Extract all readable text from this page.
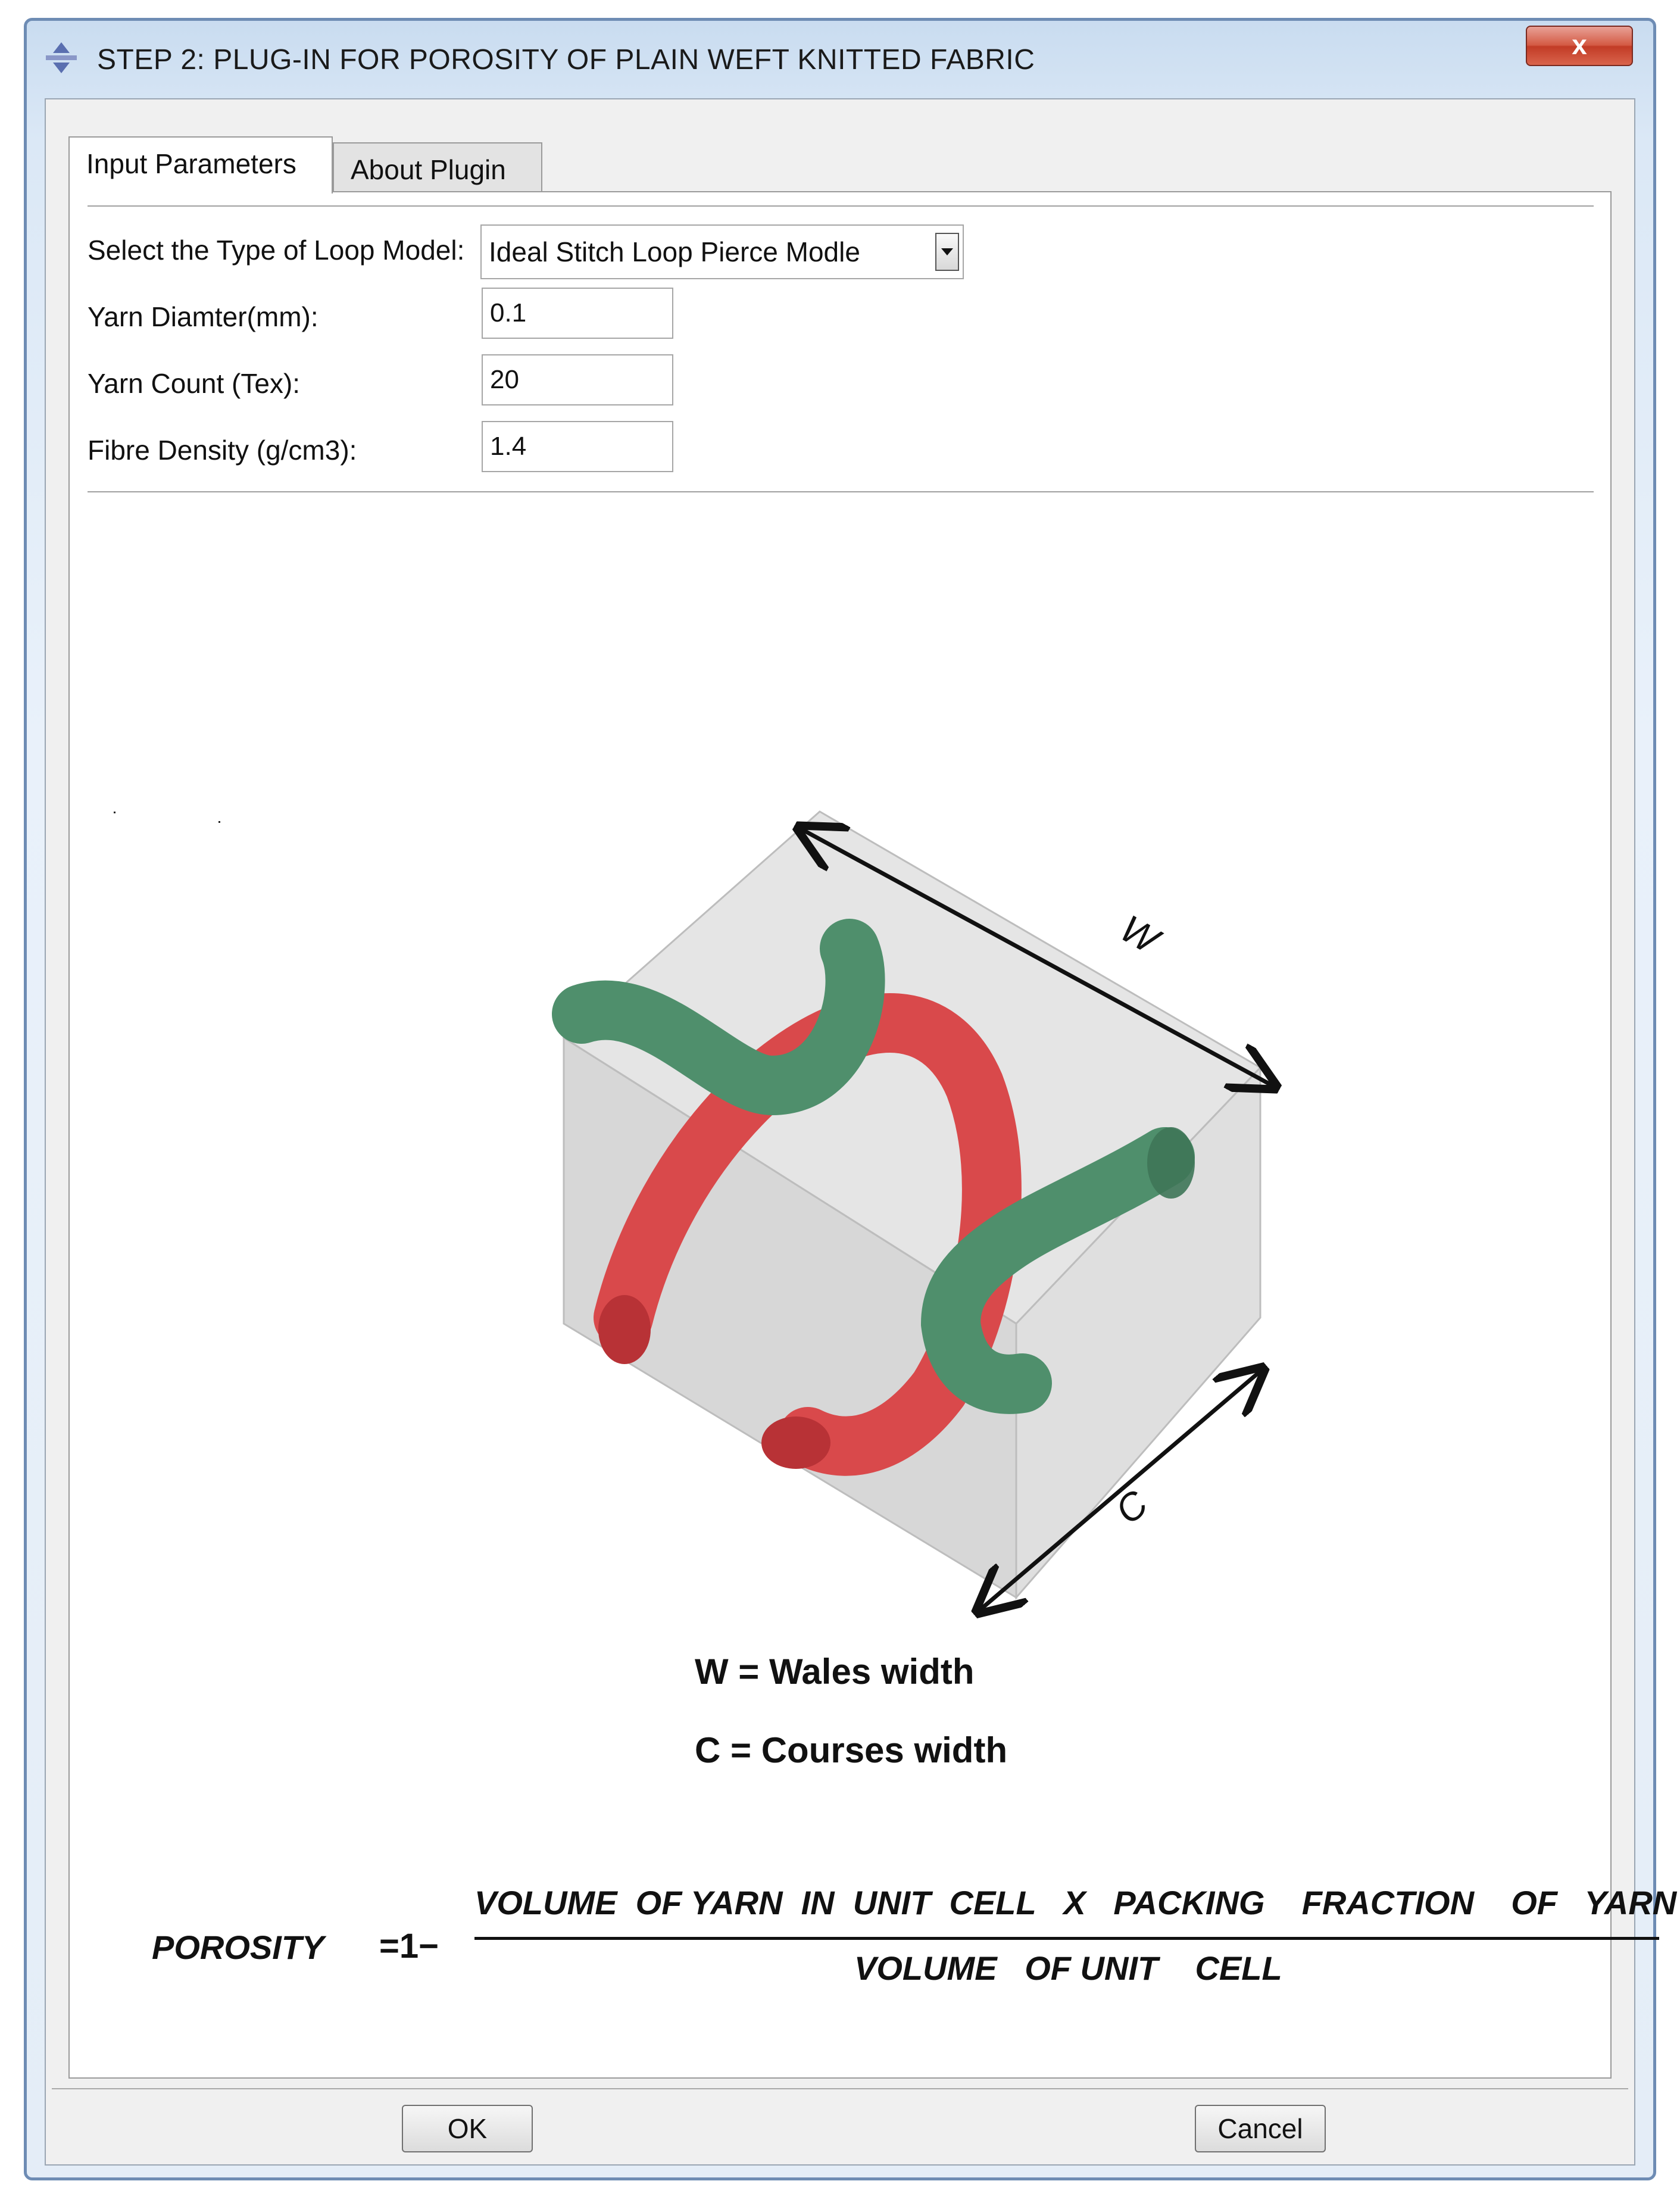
STEP 2: PLUG-IN FOR POROSITY OF PLAIN WEFT KNITTED FABRIC	x
Input Parameters	About Plugin
Select the Type of Loop Model: Ideal Stitch Loop Pierce Modle
Yarn Diamter(mm):	0.1
Yarn Count (Tex):	20
Fibre Density (g/cm3):	1.4
W
C
W = Wales width
C = Courses width
POROSITY =1−
VOLUME  OF YARN  IN  UNIT  CELL   X   PACKING    FRACTION    OF   YARN
VOLUME   OF UNIT    CELL
OK	Cancel
